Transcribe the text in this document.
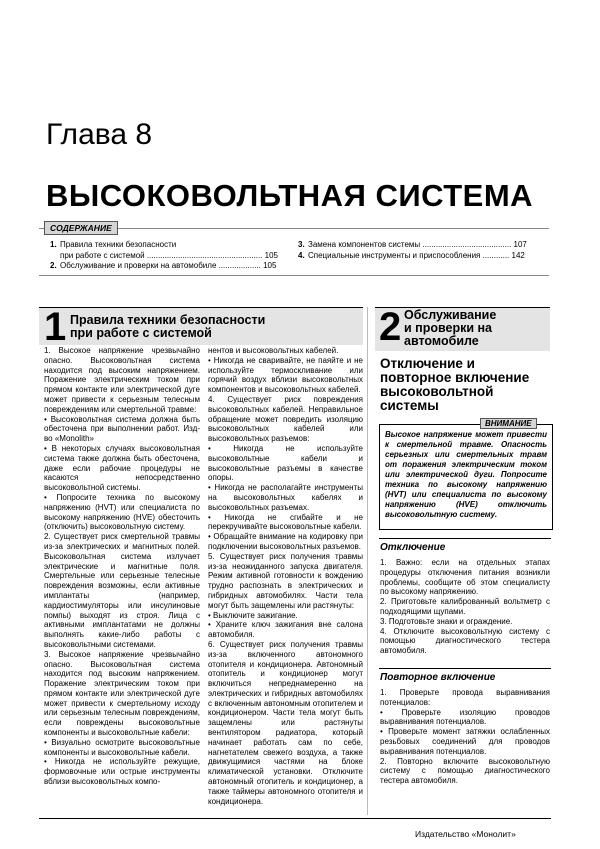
Глава 8
ВЫСОКОВОЛЬТНАЯ СИСТЕМА
СОДЕРЖАНИЕ
1. Правила техники безопасности
при работе с системой .................................................... 105
2. Обслуживание и проверки на автомобиле ................... 105
3. Замена компонентов системы ........................................ 107
4. Специальные инструменты и приспособления ............ 142
1 Правила техники безопасности
при работе с системой	2 Обслуживание
и проверки на
автомобиле

1. Высокое напряжение чрезвычайно опасно. Высоковольтная система находится под высоким напряжением. Поражение электрическим током при прямом контакте или электрической дуге может привести к серьезным телесным повреждениям или смертельной травме:

• Высоковольтная система должна быть обесточена при выполнении работ. Изд-во «Monolith»

• В некоторых случаях высоковольтная система также должна быть обесточена, даже если рабочие процедуры не касаются непосредственно высоковольтной системы.

• Попросите техника по высокому напряжению (HVT) или специалиста по высокому напряжению (HVE) обесточить (отключить) высоковольтную систему.

2. Существует риск смертельной травмы из-за электрических и магнитных полей. Высоковольтная система излучает электрические и магнитные поля. Смертельные или серьезные телесные повреждения возможны, если активные имплантаты (например, кардиостимуляторы или инсулиновые помпы) выходят из строя. Лица с активными имплантатами не должны выполнять какие-либо работы с высоковольтными системами.

3. Высокое напряжение чрезвычайно опасно. Высоковольтная система находится под высоким напряжением. Поражение электрическим током при прямом контакте или электрической дуге может привести к смертельному исходу или серьезным телесным повреждениям, если повреждены высоковольтные компоненты и высоковольтные кабели:

• Визуально осмотрите высоковольтные компоненты и высоковольтные кабели.

• Никогда не используйте режущие, формовочные или острые инструменты вблизи высоковольтных компо-

нентов и высоковольтных кабелей.

• Никогда не сваривайте, не паяйте и не используйте термоскливание или горячий воздух вблизи высоковольтных компонентов и высоковольтных кабелей.

4. Существует риск повреждения высоковольтных кабелей. Неправильное обращение может повредить изоляцию высоковольтных кабелей или высоковольтных разъемов:

• Никогда не используйте высоковольтные кабели и высоковольтные разъемы в качестве опоры.

• Никогда не располагайте инструменты на высоковольтных кабелях и высоковольтных разъемах.

• Никогда не сгибайте и не перекручивайте высоковольтные кабели.

• Обращайте внимание на кодировку при подключении высоковольтных разъемов.

5. Существует риск получения травмы из-за неожиданного запуска двигателя. Режим активной готовности к вождению трудно распознать в электрических и гибридных автомобилях. Части тела могут быть защемлены или растянуты:

• Выключите зажигание.

• Храните ключ зажигания вне салона автомобиля.

6. Существует риск получения травмы из-за включенного автономного отопителя и кондиционера. Автономный отопитель и кондиционер могут включиться непреднамеренно на электрических и гибридных автомобилях с включенным автономным отопителем и кондиционером. Части тела могут быть защемлены или растянуты вентилятором радиатора, который начинает работать сам по себе, нагнетателем свежего воздуха, а также движущимися частями на блоке климатической установки. Отключите автономный отопитель и кондиционер, а также таймеры автономного отопителя и кондиционера.

Отключение и повторное включение высоковольтной системы
ВНИМАНИЕ
Высокое напряжение может привести к смертельной травме. Опасность серьезных или смертельных травм от поражения электрическим током или электрической дуги. Попросите техника по высокому напряжению (HVT) или специалиста по высокому напряжению (HVE) отключить высоковольтную систему.
Отключение

1. Важно: если на отдельных этапах процедуры отключения питания возникли проблемы, сообщите об этом специалисту по высокому напряжению.

2. Приготовьте калиброванный вольтметр с подходящими щупами.

3. Подготовьте знаки и ограждение.

4. Отключите высоковольтную систему с помощью диагностического тестера автомобиля.

Повторное включение

1. Проверьте провода выравнивания потенциалов:

• Проверьте изоляцию проводов выравнивания потенциалов.

• Проверьте момент затяжки ослабленных резьбовых соединений для проводов выравнивания потенциалов.

2. Повторно включите высоковольтную систему с помощью диагностического тестера автомобиля.

Издательство «Монолит»
